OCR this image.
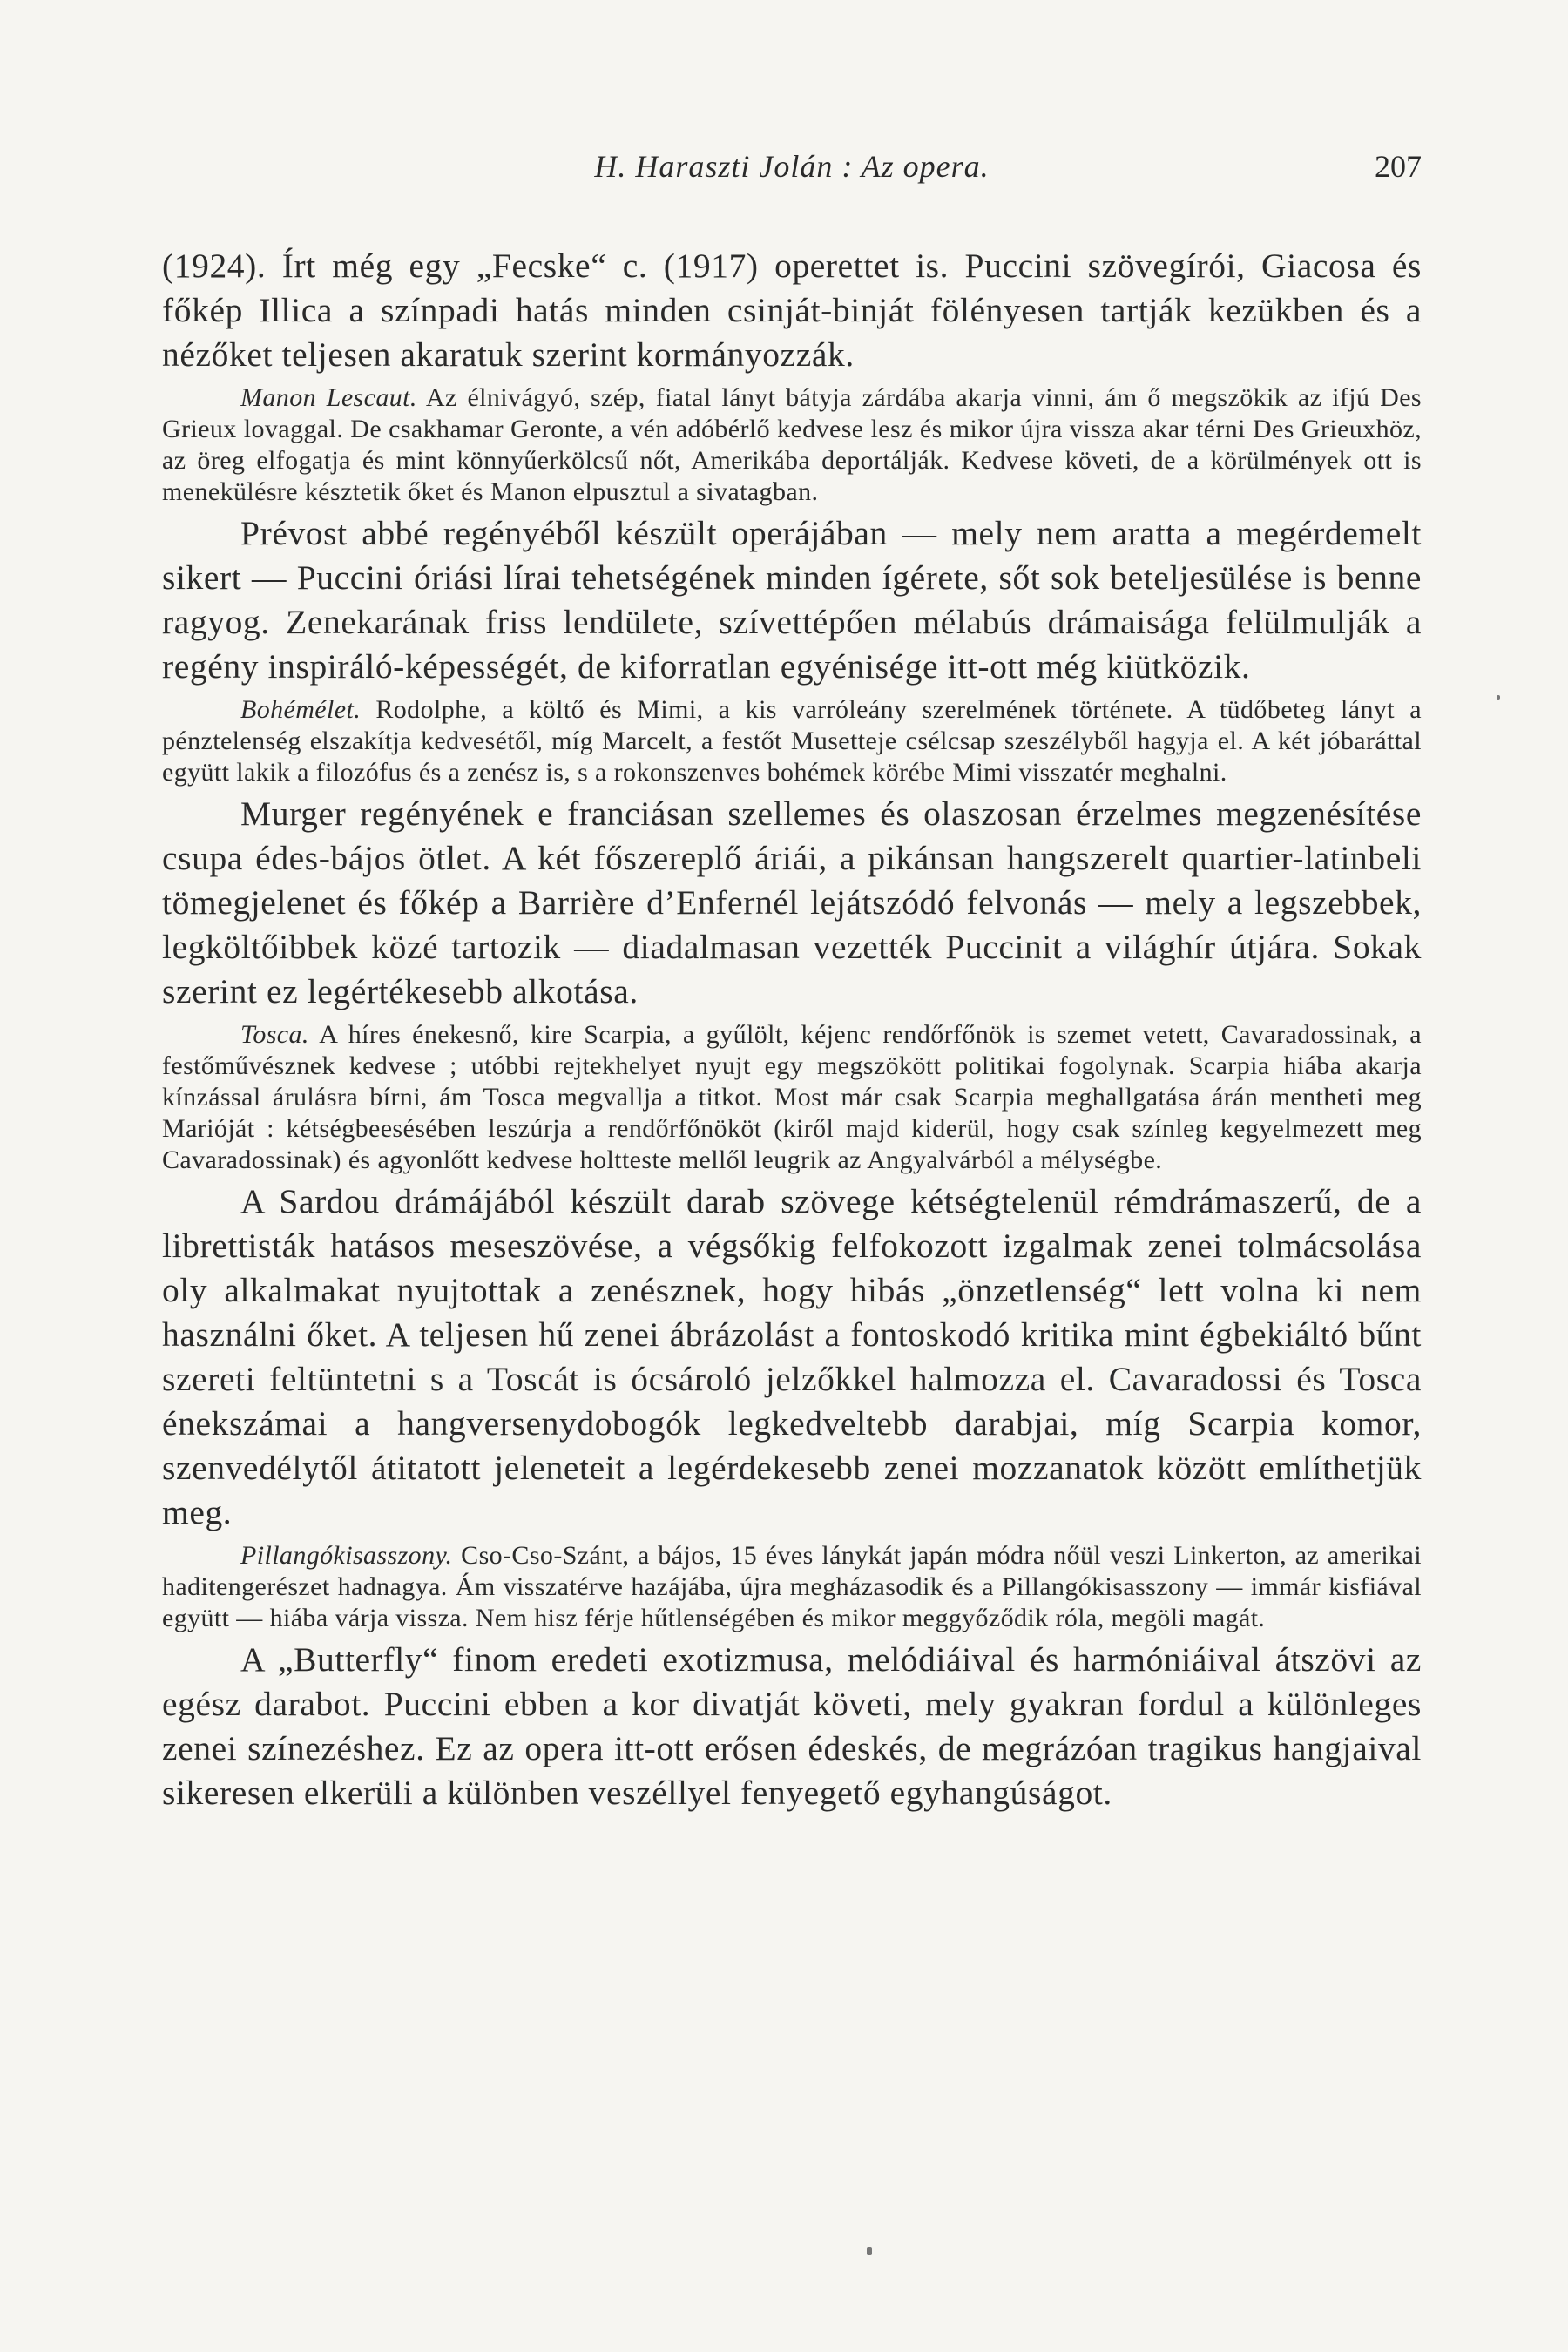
H. Haraszti Jolán : Az opera.	207

(1924). Írt még egy „Fecske“ c. (1917) operettet is. Puccini szövegírói, Giacosa és főkép Illica a színpadi hatás minden csinját-binját fölényesen tartják kezükben és a nézőket teljesen akaratuk szerint kormányozzák.

Manon Lescaut. Az élnivágyó, szép, fiatal lányt bátyja zárdába akarja vinni, ám ő megszökik az ifjú Des Grieux lovaggal. De csakhamar Geronte, a vén adóbérlő kedvese lesz és mikor újra vissza akar térni Des Grieuxhöz, az öreg elfogatja és mint könnyűerkölcsű nőt, Amerikába deportálják. Kedvese követi, de a körülmények ott is menekülésre késztetik őket és Manon elpusztul a sivatagban.

Prévost abbé regényéből készült operájában — mely nem aratta a megérdemelt sikert — Puccini óriási lírai tehetségének minden ígérete, sőt sok beteljesülése is benne ragyog. Zenekarának friss lendülete, szívettépően mélabús drámaisága felülmulják a regény inspiráló-képességét, de kiforratlan egyénisége itt-ott még kiütközik.

Bohémélet. Rodolphe, a költő és Mimi, a kis varróleány szerelmének története. A tüdőbeteg lányt a pénztelenség elszakítja kedvesétől, míg Marcelt, a festőt Musetteje csélcsap szeszélyből hagyja el. A két jóbaráttal együtt lakik a filozófus és a zenész is, s a rokonszenves bohémek körébe Mimi visszatér meghalni.

Murger regényének e franciásan szellemes és olaszosan érzelmes megzenésítése csupa édes-bájos ötlet. A két főszereplő áriái, a pikánsan hangszerelt quartier-latinbeli tömegjelenet és főkép a Barrière d’Enfernél lejátszódó felvonás — mely a legszebbek, legköltőibbek közé tartozik — diadalmasan vezették Puccinit a világhír útjára. Sokak szerint ez legértékesebb alkotása.

Tosca. A híres énekesnő, kire Scarpia, a gyűlölt, kéjenc rendőrfőnök is szemet vetett, Cavaradossinak, a festőművésznek kedvese ; utóbbi rejtekhelyet nyujt egy megszökött politikai fogolynak. Scarpia hiába akarja kínzással árulásra bírni, ám Tosca megvallja a titkot. Most már csak Scarpia meghallgatása árán mentheti meg Marióját : kétségbeesésében leszúrja a rendőrfőnököt (kiről majd kiderül, hogy csak színleg kegyelmezett meg Cavaradossinak) és agyonlőtt kedvese holtteste mellől leugrik az Angyalvárból a mélységbe.

A Sardou drámájából készült darab szövege kétségtelenül rémdrámaszerű, de a librettisták hatásos meseszövése, a végsőkig felfokozott izgalmak zenei tolmácsolása oly alkalmakat nyujtottak a zenésznek, hogy hibás „önzetlenség“ lett volna ki nem használni őket. A teljesen hű zenei ábrázolást a fontoskodó kritika mint égbekiáltó bűnt szereti feltüntetni s a Toscát is ócsároló jelzőkkel halmozza el. Cavaradossi és Tosca énekszámai a hangversenydobogók legkedveltebb darabjai, míg Scarpia komor, szenvedélytől átitatott jeleneteit a legérdekesebb zenei mozzanatok között említhetjük meg.

Pillangókisasszony. Cso-Cso-Szánt, a bájos, 15 éves lánykát japán módra nőül veszi Linkerton, az amerikai haditengerészet hadnagya. Ám visszatérve hazájába, újra megházasodik és a Pillangókisasszony — immár kisfiával együtt — hiába várja vissza. Nem hisz férje hűtlenségében és mikor meggyőződik róla, megöli magát.

A „Butterfly“ finom eredeti exotizmusa, melódiáival és harmóniáival átszövi az egész darabot. Puccini ebben a kor divatját követi, mely gyakran fordul a különleges zenei színezéshez. Ez az opera itt-ott erősen édeskés, de megrázóan tragikus hangjaival sikeresen elkerüli a különben veszéllyel fenyegető egyhangúságot.
